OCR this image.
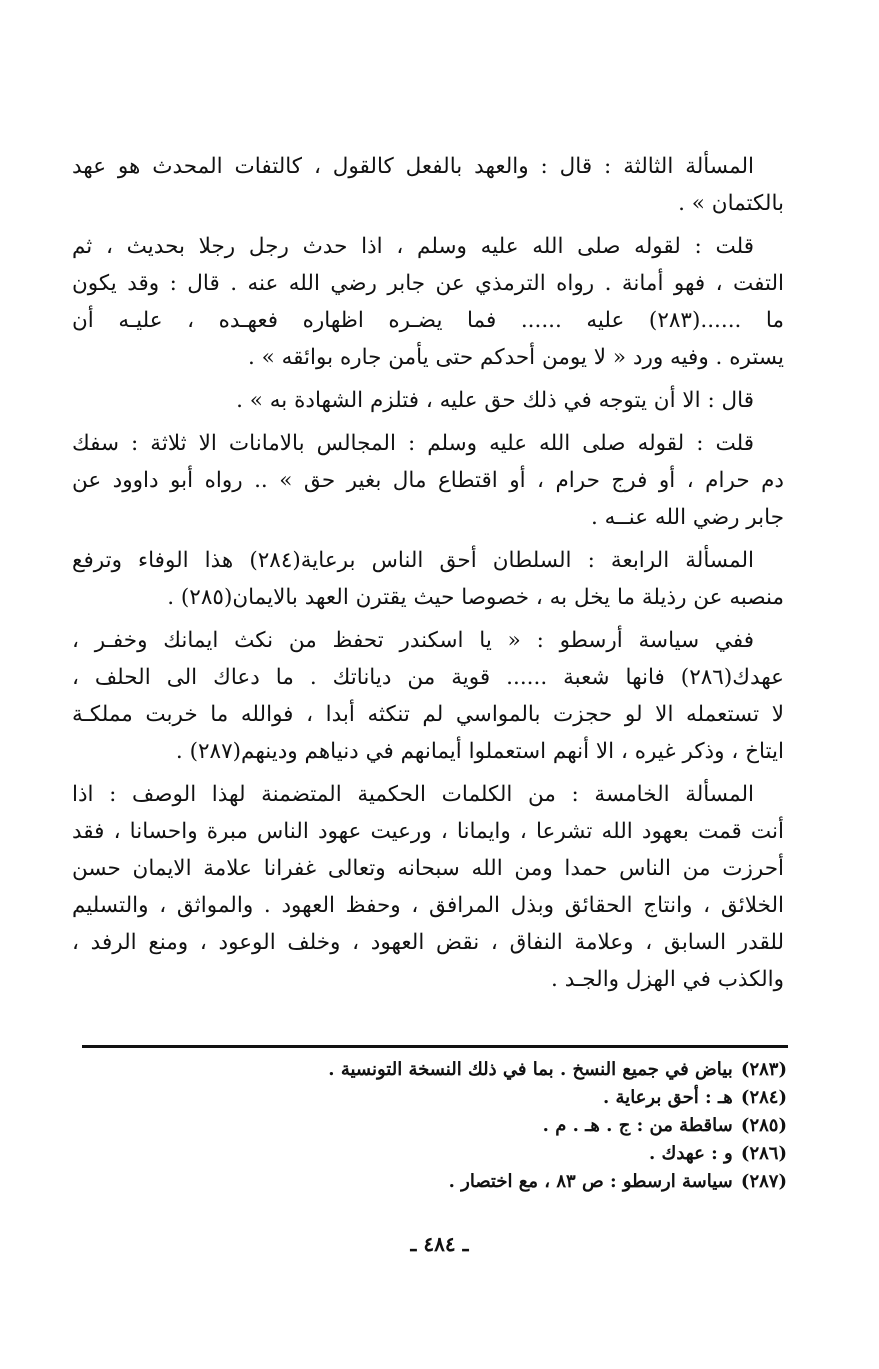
المسألة الثالثة : قال : والعهد بالفعل كالقول ، كالتفات المحدث هو عهد
بالكتمان » .
قلت : لقوله صلى الله عليه وسلم ، اذا حدث رجل رجلا بحديث ، ثم
التفت ، فهو أمانة . رواه الترمذي عن جابر رضي الله عنه . قال : وقد يكون
ما ......(٢٨٣) عليه ...... فما يضـره اظهاره فعهـده ، عليـه أن
يستره . وفيه ورد « لا يومن أحدكم حتى يأمن جاره بوائقه » .
قال : الا أن يتوجه في ذلك حق عليه ، فتلزم الشهادة به » .
قلت : لقوله صلى الله عليه وسلم : المجالس بالامانات الا ثلاثة : سفك
دم حرام ، أو فرج حرام ، أو اقتطاع مال بغير حق » .. رواه أبو داوود عن
جابر رضي الله عنــه .
المسألة الرابعة : السلطان أحق الناس برعاية(٢٨٤) هذا الوفاء وترفع
منصبه عن رذيلة ما يخل به ، خصوصا حيث يقترن العهد بالايمان(٢٨٥) .
ففي سياسة أرسطو : « يا اسكندر تحفظ من نكث ايمانك وخفـر ،
عهدك(٢٨٦) فانها شعبة ...... قوية من دياناتك . ما دعاك الى الحلف ،
لا تستعمله الا لو حجزت بالمواسي لم تنكثه أبدا ، فوالله ما خربت مملكـة
ايتاخ ، وذكر غيره ، الا أنهم استعملوا أيمانهم في دنياهم ودينهم(٢٨٧) .
المسألة الخامسة : من الكلمات الحكمية المتضمنة لهذا الوصف : اذا
أنت قمت بعهود الله تشرعا ، وايمانا ، ورعيت عهود الناس مبرة واحسانا ، فقد
أحرزت من الناس حمدا ومن الله سبحانه وتعالى غفرانا علامة الايمان حسن
الخلائق ، وانتاج الحقائق وبذل المرافق ، وحفظ العهود . والمواثق ، والتسليم
للقدر السابق ، وعلامة النفاق ، نقض العهود ، وخلف الوعود ، ومنع الرفد ،
والكذب في الهزل والجـد .
(٢٨٣) بياض في جميع النسخ . بما في ذلك النسخة التونسية .
(٢٨٤) هـ : أحق برعاية .
(٢٨٥) ساقطة من : ج . هـ . م .
(٢٨٦) و : عهدك .
(٢٨٧) سياسة ارسطو : ص ٨٣ ، مع اختصار .
ـ ٤٨٤ ـ
